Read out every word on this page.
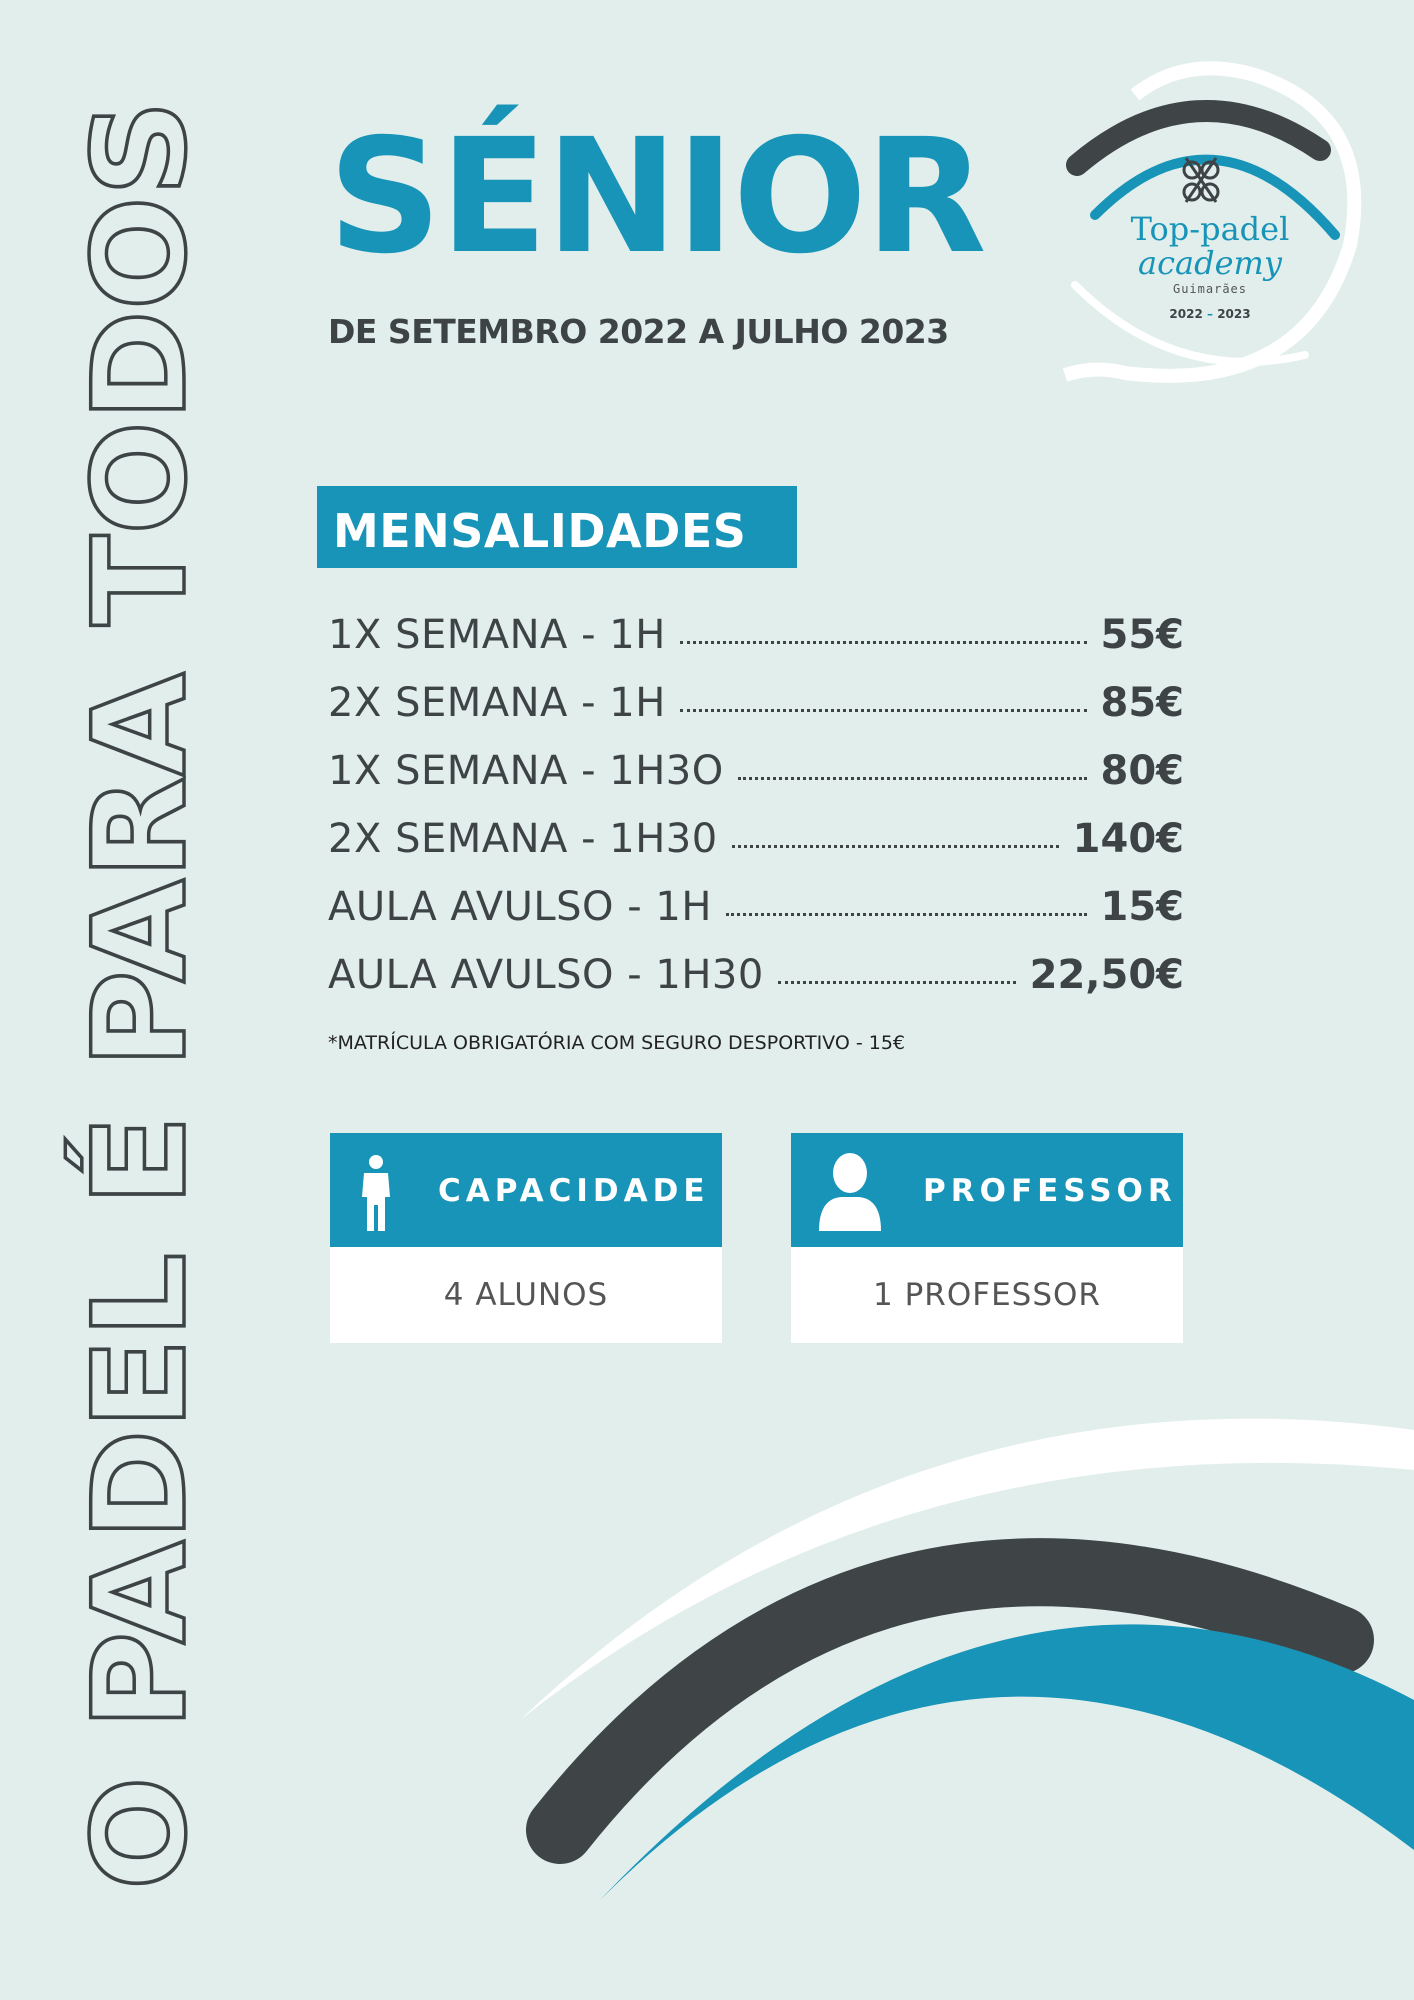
O PADEL É PARA TODOS SÉNIOR
DE SETEMBRO 2022 A JULHO 2023
Top-padel
academy
Guimarães
2022 – 2023
MENSALIDADES
1X SEMANA - 1H	55€
2X SEMANA - 1H	85€
1X SEMANA - 1H3O	80€
2X SEMANA - 1H30	140€
AULA AVULSO - 1H	15€
AULA AVULSO - 1H30	22,50€
*MATRÍCULA OBRIGATÓRIA COM SEGURO DESPORTIVO - 15€
CAPACIDADE
4 ALUNOS
PROFESSOR
1 PROFESSOR
